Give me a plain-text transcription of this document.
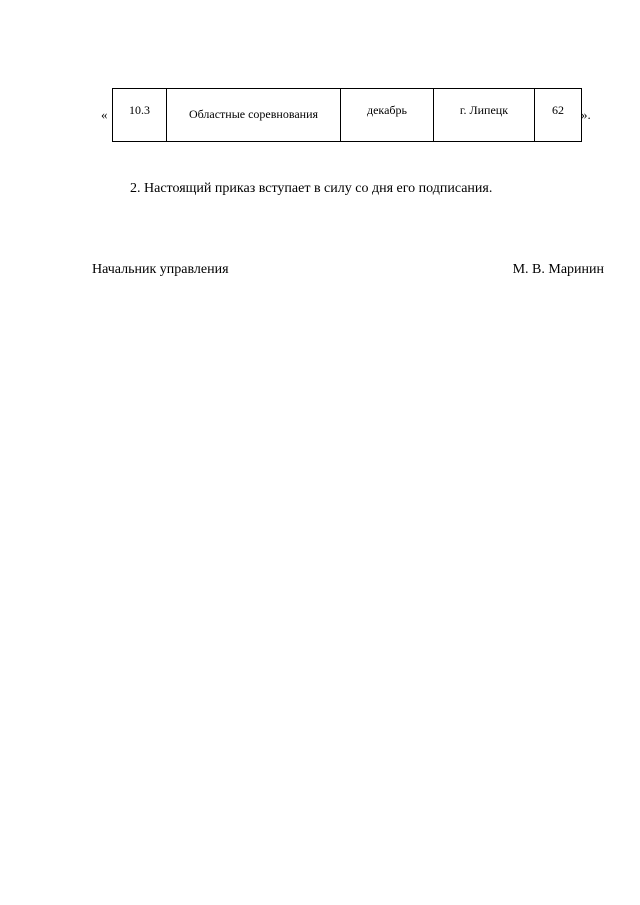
« 10.3	Областные соревнования	декабрь	г. Липецк	62 ».
2. Настоящий приказ вступает в силу со дня его подписания.
Начальник управления	М. В. Маринин
